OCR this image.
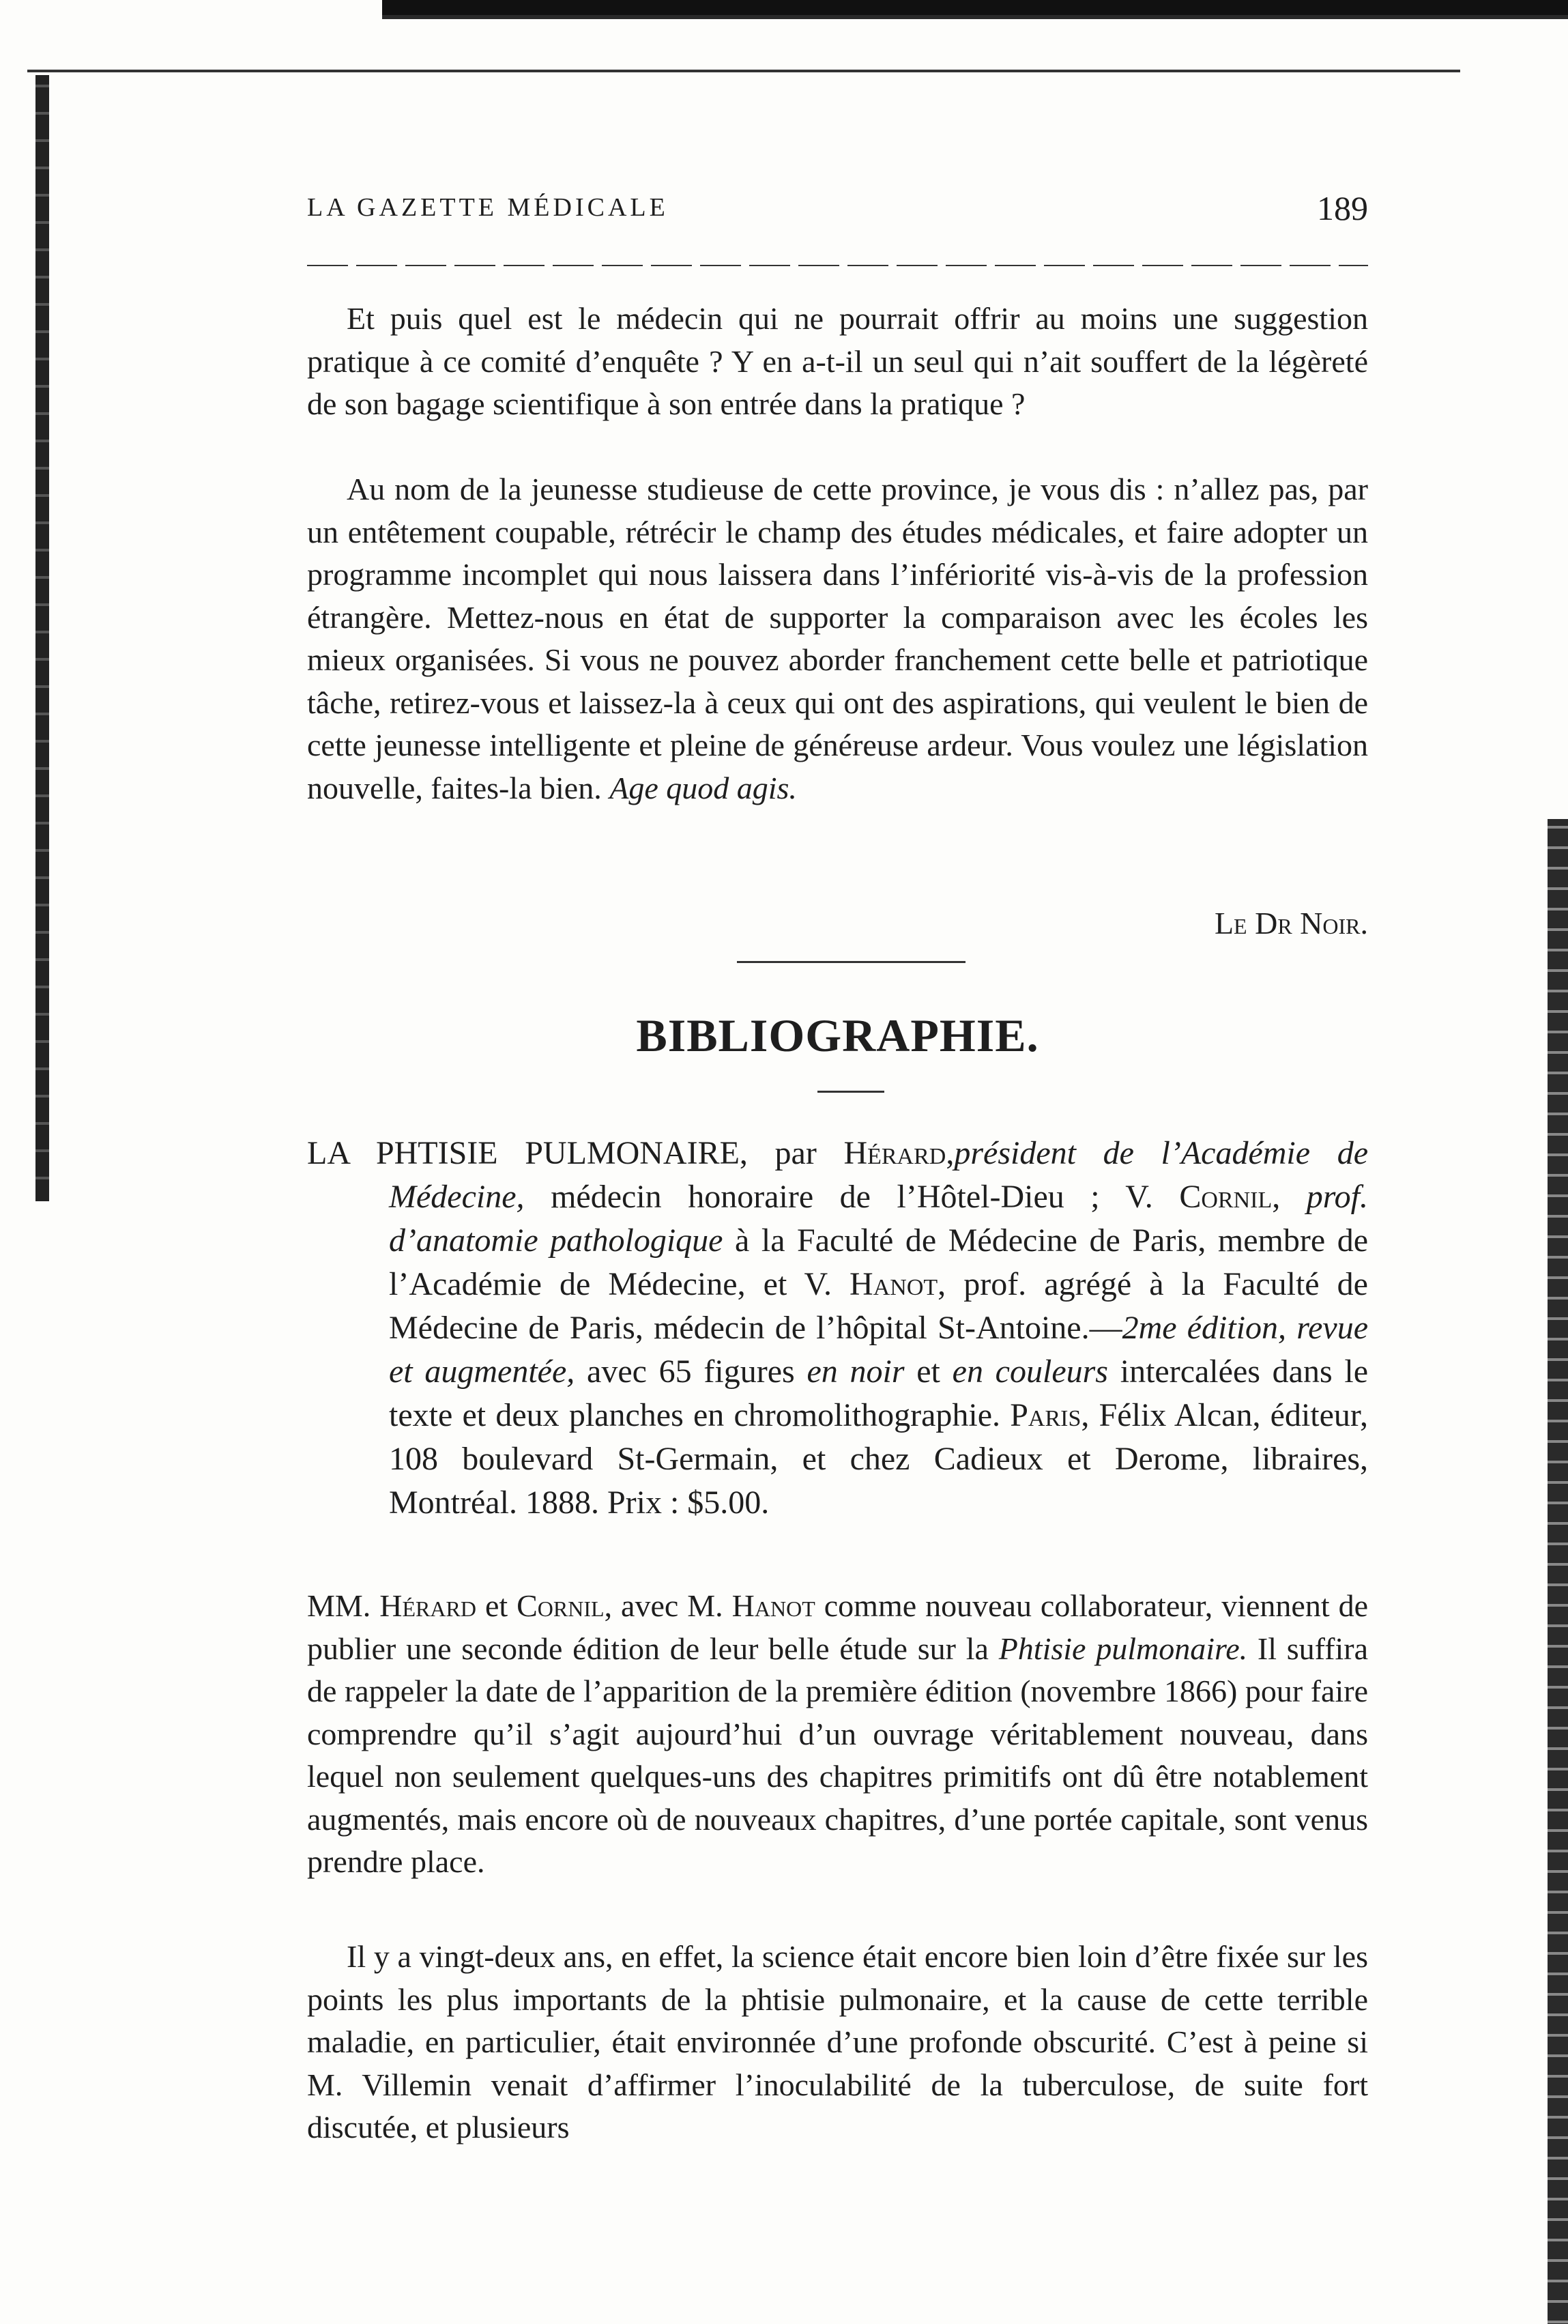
LA GAZETTE MÉDICALE	189

Et puis quel est le médecin qui ne pourrait offrir au moins une suggestion pratique à ce comité d’enquête ? Y en a-t-il un seul qui n’ait souffert de la légèreté de son bagage scientifique à son entrée dans la pratique ?

Au nom de la jeunesse studieuse de cette province, je vous dis : n’allez pas, par un entêtement coupable, rétrécir le champ des études médicales, et faire adopter un programme incomplet qui nous laissera dans l’infériorité vis-à-vis de la profession étrangère. Mettez-nous en état de supporter la comparaison avec les écoles les mieux organisées. Si vous ne pouvez aborder franchement cette belle et patriotique tâche, retirez-vous et laissez-la à ceux qui ont des aspirations, qui veulent le bien de cette jeunesse intelligente et pleine de généreuse ardeur. Vous voulez une législation nouvelle, faites-la bien. Age quod agis.

Le Dr Noir.
BIBLIOGRAPHIE.

LA PHTISIE PULMONAIRE, par Hérard,président de l’Académie de Médecine, médecin honoraire de l’Hôtel-Dieu ; V. Cornil, prof. d’anatomie pathologique à la Faculté de Médecine de Paris, membre de l’Académie de Médecine, et V. Hanot, prof. agrégé à la Faculté de Médecine de Paris, médecin de l’hôpital St-Antoine.—2me édition, revue et augmentée, avec 65 figures en noir et en couleurs intercalées dans le texte et deux planches en chromolithographie. Paris, Félix Alcan, éditeur, 108 boulevard St-Germain, et chez Cadieux et Derome, libraires, Montréal. 1888. Prix : $5.00.

MM. Hérard et Cornil, avec M. Hanot comme nouveau collaborateur, viennent de publier une seconde édition de leur belle étude sur la Phtisie pulmonaire. Il suffira de rappeler la date de l’apparition de la première édition (novembre 1866) pour faire comprendre qu’il s’agit aujourd’hui d’un ouvrage véritablement nouveau, dans lequel non seulement quelques-uns des chapitres primitifs ont dû être notablement augmentés, mais encore où de nouveaux chapitres, d’une portée capitale, sont venus prendre place.

Il y a vingt-deux ans, en effet, la science était encore bien loin d’être fixée sur les points les plus importants de la phtisie pulmonaire, et la cause de cette terrible maladie, en particulier, était environnée d’une profonde obscurité. C’est à peine si M. Villemin venait d’affirmer l’inoculabilité de la tuberculose, de suite fort discutée, et plusieurs
